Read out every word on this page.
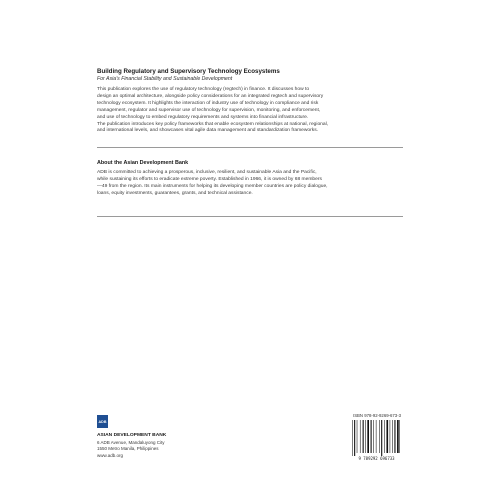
Building Regulatory and Supervisory Technology Ecosystems
For Asia’s Financial Stability and Sustainable Development
This publication explores the use of regulatory technology (regtech) in finance. It discusses how to
design an optimal architecture, alongside policy considerations for an integrated regtech and supervisory
technology ecosystem. It highlights the interaction of industry use of technology in compliance and risk
management, regulator and supervisor use of technology for supervision, monitoring, and enforcement,
and use of technology to embed regulatory requirements and systems into financial infrastructure.
The publication introduces key policy frameworks that enable ecosystem relationships at national, regional,
and international levels, and showcases vital agile data management and standardization frameworks.
About the Asian Development Bank
ADB is committed to achieving a prosperous, inclusive, resilient, and sustainable Asia and the Pacific,
while sustaining its efforts to eradicate extreme poverty. Established in 1966, it is owned by 68 members
—49 from the region. Its main instruments for helping its developing member countries are policy dialogue,
loans, equity investments, guarantees, grants, and technical assistance.
ADB
ASIAN DEVELOPMENT BANK
6 ADB Avenue, Mandaluyong City
1550 Metro Manila, Philippines
www.adb.org
ISBN 978-92-9269-673-3
9 789292 696733
